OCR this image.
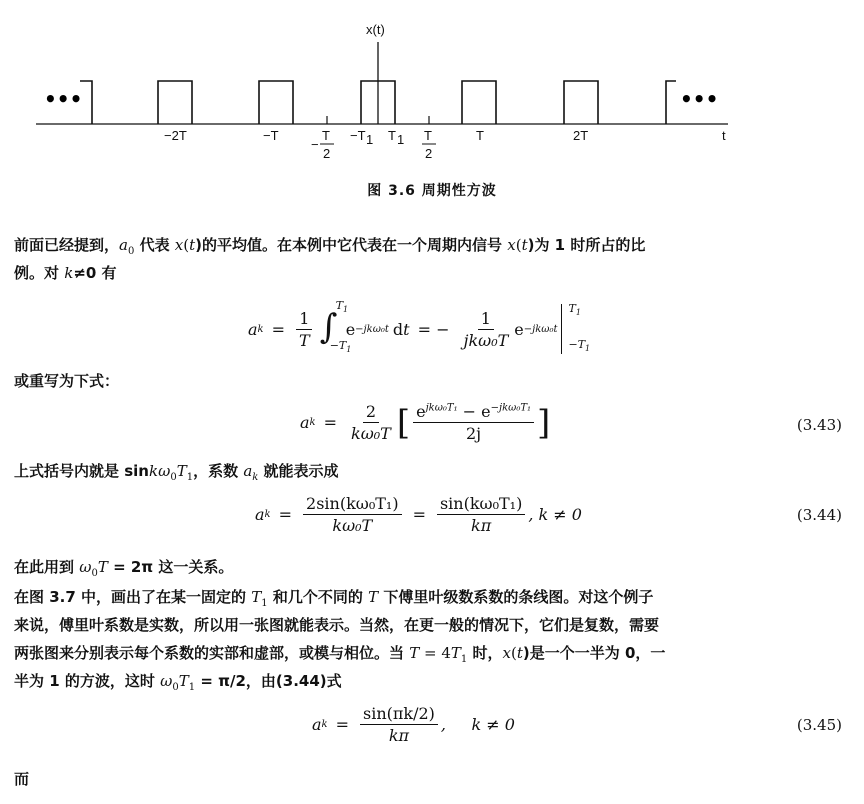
x(t)
t
•••	•••
−2T	−T
−
T
2
−T 1 T 1 T
2
T	2T
图 3.6 周期性方波
前面已经提到，$a_0$ 代表 x(t)的平均值。在本例中它代表在一个周期内信号 x(t)为 1 时所占的比
例。对 k≠0 有
a $k = \frac{1}{T}$ ∫
$T_1$
$-T_1$
e −jkω₀t d t = − $\frac{1}{\text{jkω₀T}}$ e −jkω₀t
$T_1$
$-T_1$
或重写为下式：
a $k = \frac{2}{\text{kω₀T}}$ [ $\frac{e^{jk\omega_0T_1} - e^{-jk\omega_0T_1}}{2j}$ ]	(3.43)
上式括号内就是 $\sin k\omega_0T_1$，系数 $a_k$ 就能表示成
a $k = \frac{\text{2sin(kω₀T₁)}}{\text{kω₀T}} = \frac{\text{sin(kω₀T₁)}}{k\pi}$ , k ≠ 0	(3.44)
在此用到 $\omega_0T = 2\pi$ 这一关系。
在图 3.7 中，画出了在某一固定的 $T_1$ 和几个不同的 T 下傅里叶级数系数的条线图。对这个例子
来说，傅里叶系数是实数，所以用一张图就能表示。当然，在更一般的情况下，它们是复数，需要
两张图来分别表示每个系数的实部和虚部，或模与相位。当 $T = 4T_1$ 时，x(t)是一个一半为 0，一
半为 1 的方波，这时 $\omega_0T_1 = \pi/2$，由(3.44)式
a $k = \frac{\sin(\pi k/2)}{k\pi}$ ,     k ≠ 0	(3.45)
而
